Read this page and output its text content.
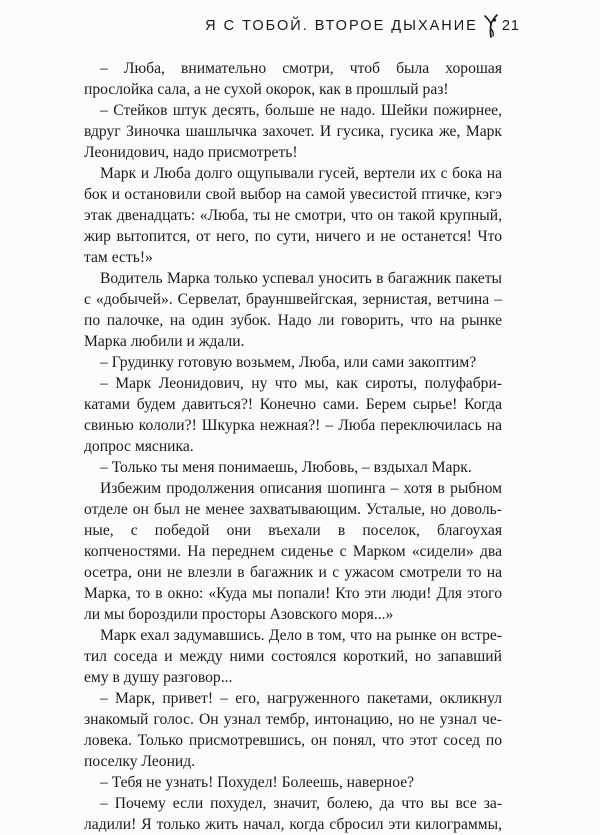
Я С ТОБОЙ. ВТОРОЕ ДЫХАНИЕ 21

– Люба, внимательно смотри, чтоб была хорошая прослойка сала, а не сухой окорок, как в прошлый раз!

– Стейков штук десять, больше не надо. Шейки пожирнее, вдруг Зиночка шашлычка захочет. И гусика, гусика же, Марк Леонидович, надо присмотреть!

Марк и Люба долго ощупывали гусей, вертели их с бока на бок и остановили свой выбор на самой увесистой птичке, кэгэ этак двенадцать: «Люба, ты не смотри, что он такой крупный, жир вытопится, от него, по сути, ничего и не останется! Что там есть!»

Водитель Марка только успевал уносить в багажник пакеты с «добычей». Сервелат, брауншвейгская, зернистая, ветчина – по палочке, на один зубок. Надо ли говорить, что на рынке Марка любили и ждали.

– Грудинку готовую возьмем, Люба, или сами закоптим?

– Марк Леонидович, ну что мы, как сироты, полуфабрикатами будем давиться?! Конечно сами. Берем сырье! Когда свинью кололи?! Шкурка нежная?! – Люба переключилась на допрос мясника.

– Только ты меня понимаешь, Любовь, – вздыхал Марк.

Избежим продолжения описания шопинга – хотя в рыбном отделе он был не менее захватывающим. Усталые, но довольные, с победой они въехали в поселок, благоухая копченостями. На переднем сиденье с Марком «сидели» два осетра, они не влезли в багажник и с ужасом смотрели то на Марка, то в окно: «Куда мы попали! Кто эти люди! Для этого ли мы бороздили просторы Азовского моря...»

Марк ехал задумавшись. Дело в том, что на рынке он встретил соседа и между ними состоялся короткий, но запавший ему в душу разговор...

– Марк, привет! – его, нагруженного пакетами, окликнул знакомый голос. Он узнал тембр, интонацию, но не узнал человека. Только присмотревшись, он понял, что этот сосед по поселку Леонид.

– Тебя не узнать! Похудел! Болеешь, наверное?

– Почему если похудел, значит, болею, да что вы все заладили! Я только жить начал, когда сбросил эти килограммы,
